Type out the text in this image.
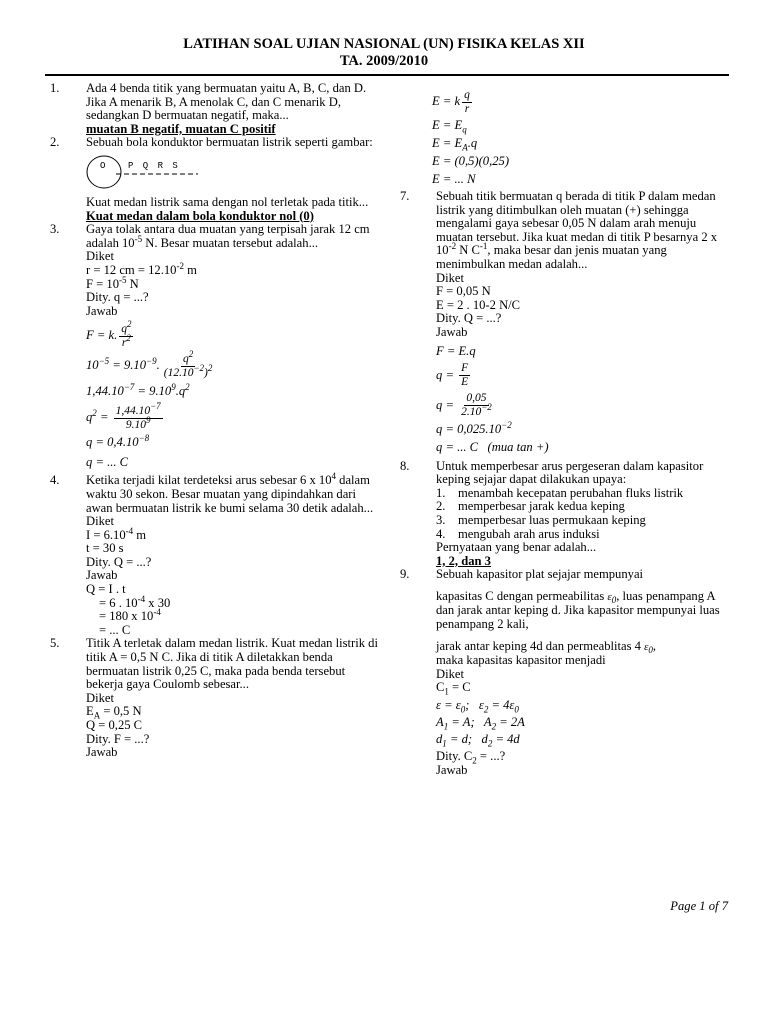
LATIHAN SOAL UJIAN NASIONAL (UN) FISIKA KELAS XII
TA. 2009/2010
1. Ada 4 benda titik yang bermuatan yaitu A, B, C, dan D. Jika A menarik B, A menolak C, dan C menarik D, sedangkan D bermuatan negatif, maka...
muatan B negatif, muatan C positif
2. Sebuah bola konduktor bermuatan listrik seperti gambar:
O	P Q R S
Kuat medan listrik sama dengan nol terletak pada titik...
Kuat medan dalam bola konduktor nol (0)
3. Gaya tolak antara dua muatan yang terpisah jarak 12 cm adalah $10^{-5}$ N. Besar muatan tersebut adalah...
Diket
r = 12 cm = $12.10^{-2}$ m
$F = 10^{-5}$ N
Dity. q = ...?
Jawab
F = k. $\frac{q^2}{r^2}$
$10^{-5} = 9.10^{-9}$. $\frac{q^2}{(12.10^{-2})^2}$
$1,44.10^{-7} = 9.10^9.q^2$
$q^2 = \frac{1,44.10^{-7}}{9.10^9}$
$q = 0,4.10^{-8}$
q = ... C
4. Ketika terjadi kilat terdeteksi arus sebesar 6 x $10^4$ dalam waktu 30 sekon. Besar muatan yang dipindahkan dari awan bermuatan listrik ke bumi selama 30 detik adalah...
Diket
$I = 6.10^{-4}$ m
t = 30 s
Dity. Q = ...?
Jawab
Q = I . t
= 6 . $10^{-4}$ x 30
= 180 x $10^{-4}$
= ... C
5. Titik A terletak dalam medan listrik. Kuat medan listrik di titik A = 0,5 N C. Jika di titik A diletakkan benda bermuatan listrik 0,25 C, maka pada benda tersebut bekerja gaya Coulomb sebesar...
Diket
$E_A = 0,5$ N
Q = 0,25 C
Dity. F = ...?
Jawab
E = k $\frac{q}{r}$
$E = E_q$
$E = E_A.q$
E = (0,5)(0,25)
E = ... N
7. Sebuah titik bermuatan q berada di titik P dalam medan listrik yang ditimbulkan oleh muatan (+) sehingga mengalami gaya sebesar 0,05 N dalam arah menuju muatan tersebut. Jika kuat medan di titik P besarnya 2 x $10^{-2}$ N $C^{-1}$, maka besar dan jenis muatan yang menimbulkan medan adalah...
Diket
F = 0,05 N
E = 2 . 10-2 N/C
Dity. Q = ...?
Jawab
F = E.q
$q = \frac{F}{E}$
$q = \frac{0,05}{2.10^{-2}}$
$q = 0,025.10^{-2}$
q = ... C (mua tan +)
8. Untuk memperbesar arus pergeseran dalam kapasitor keping sejajar dapat dilakukan upaya:
1. menambah kecepatan perubahan fluks listrik
2. memperbesar jarak kedua keping
3. memperbesar luas permukaan keping
4. mengubah arah arus induksi
Pernyataan yang benar adalah...
1, 2, dan 3
9. Sebuah kapasitor plat sejajar mempunyai
kapasitas C dengan permeabilitas $\varepsilon_0$, luas penampang A dan jarak antar keping d. Jika kapasitor mempunyai luas penampang 2 kali,
jarak antar keping 4d dan permeablitas 4 $\varepsilon_0$,
maka kapasitas kapasitor menjadi
Diket
$C_1 = C$
$\varepsilon = \varepsilon_0$;   $\varepsilon_2 = 4\varepsilon_0$
$A_1 = A$;   $A_2 = 2A$
$d_1 = d$;   $d_2 = 4d$
Dity. $C_2$ = ...?
Jawab
Page 1 of 7
